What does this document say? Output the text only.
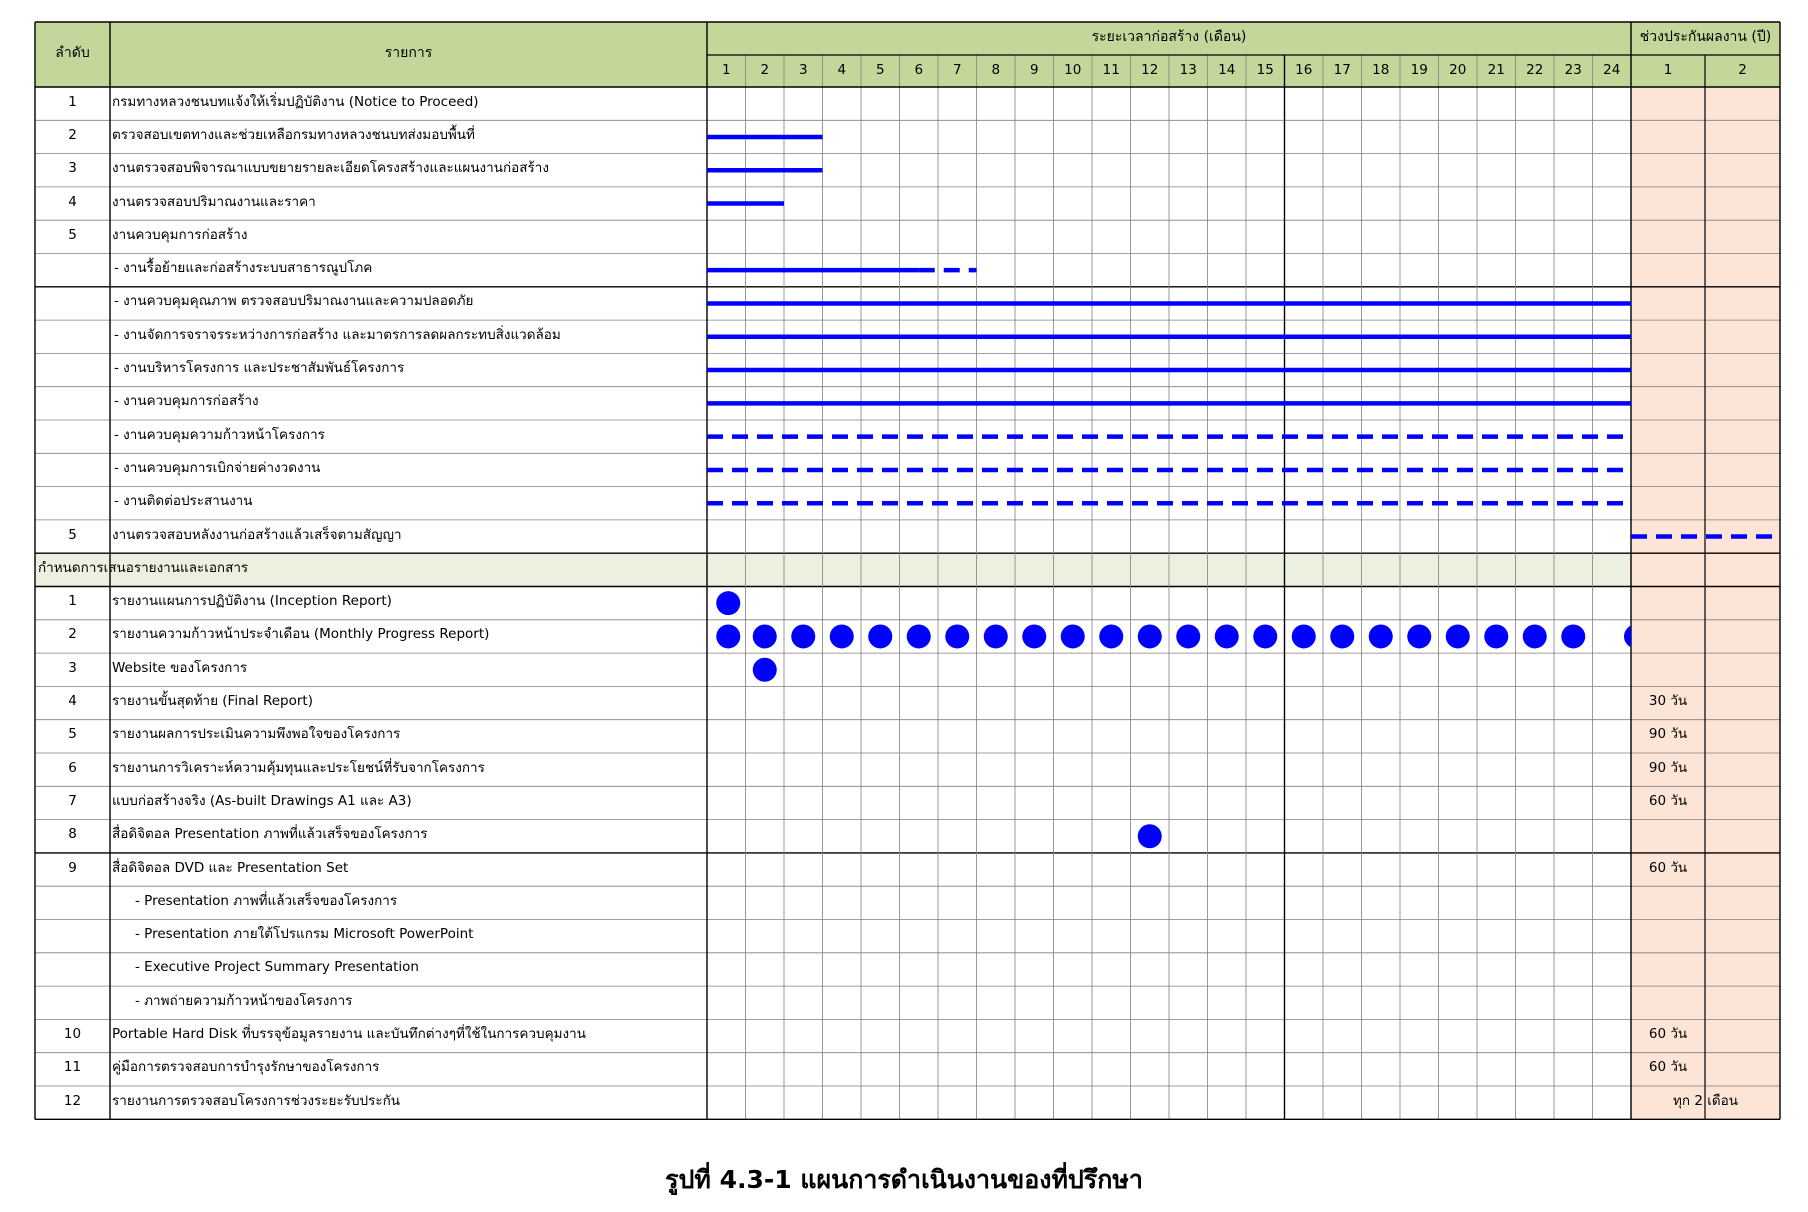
ลำดับ	รายการ
ระยะเวลาก่อสร้าง (เดือน)	ช่วงประกันผลงาน (ปี)
1 2 3 4 5 6 7 8 9 10 11 12 13 14 15 16 17 18 19 20 21 22 23 24	1	2
1	กรมทางหลวงชนบทแจ้งให้เริ่มปฏิบัติงาน (Notice to Proceed)
2	ตรวจสอบเขตทางและช่วยเหลือกรมทางหลวงชนบทส่งมอบพื้นที่
3	งานตรวจสอบพิจารณาแบบขยายรายละเอียดโครงสร้างและแผนงานก่อสร้าง
4	งานตรวจสอบปริมาณงานและราคา
5	งานควบคุมการก่อสร้าง
- งานรื้อย้ายและก่อสร้างระบบสาธารณูปโภค
- งานควบคุมคุณภาพ ตรวจสอบปริมาณงานและความปลอดภัย
- งานจัดการจราจรระหว่างการก่อสร้าง และมาตรการลดผลกระทบสิ่งแวดล้อม
- งานบริหารโครงการ และประชาสัมพันธ์โครงการ
- งานควบคุมการก่อสร้าง
- งานควบคุมความก้าวหน้าโครงการ
- งานควบคุมการเบิกจ่ายค่างวดงาน
- งานติดต่อประสานงาน
5	งานตรวจสอบหลังงานก่อสร้างแล้วเสร็จตามสัญญา
กำหนดการเสนอรายงานและเอกสาร
1	รายงานแผนการปฏิบัติงาน (Inception Report)
2	รายงานความก้าวหน้าประจำเดือน (Monthly Progress Report)
3	Website ของโครงการ
4	รายงานขั้นสุดท้าย (Final Report)	30 วัน
5	รายงานผลการประเมินความพึงพอใจของโครงการ	90 วัน
6	รายงานการวิเคราะห์ความคุ้มทุนและประโยชน์ที่รับจากโครงการ	90 วัน
7	แบบก่อสร้างจริง (As-built Drawings A1 และ A3)	60 วัน
8	สื่อดิจิตอล Presentation ภาพที่แล้วเสร็จของโครงการ
9	สื่อดิจิตอล DVD และ Presentation Set	60 วัน
- Presentation ภาพที่แล้วเสร็จของโครงการ
- Presentation ภายใต้โปรแกรม Microsoft PowerPoint
- Executive Project Summary Presentation
- ภาพถ่ายความก้าวหน้าของโครงการ
10 Portable Hard Disk ที่บรรจุข้อมูลรายงาน และบันทึกต่างๆที่ใช้ในการควบคุมงาน	60 วัน
11 คู่มือการตรวจสอบการบำรุงรักษาของโครงการ	60 วัน
12 รายงานการตรวจสอบโครงการช่วงระยะรับประกัน	ทุก 2 เดือน
รูปที่ 4.3-1 แผนการดำเนินงานของที่ปรึกษา
